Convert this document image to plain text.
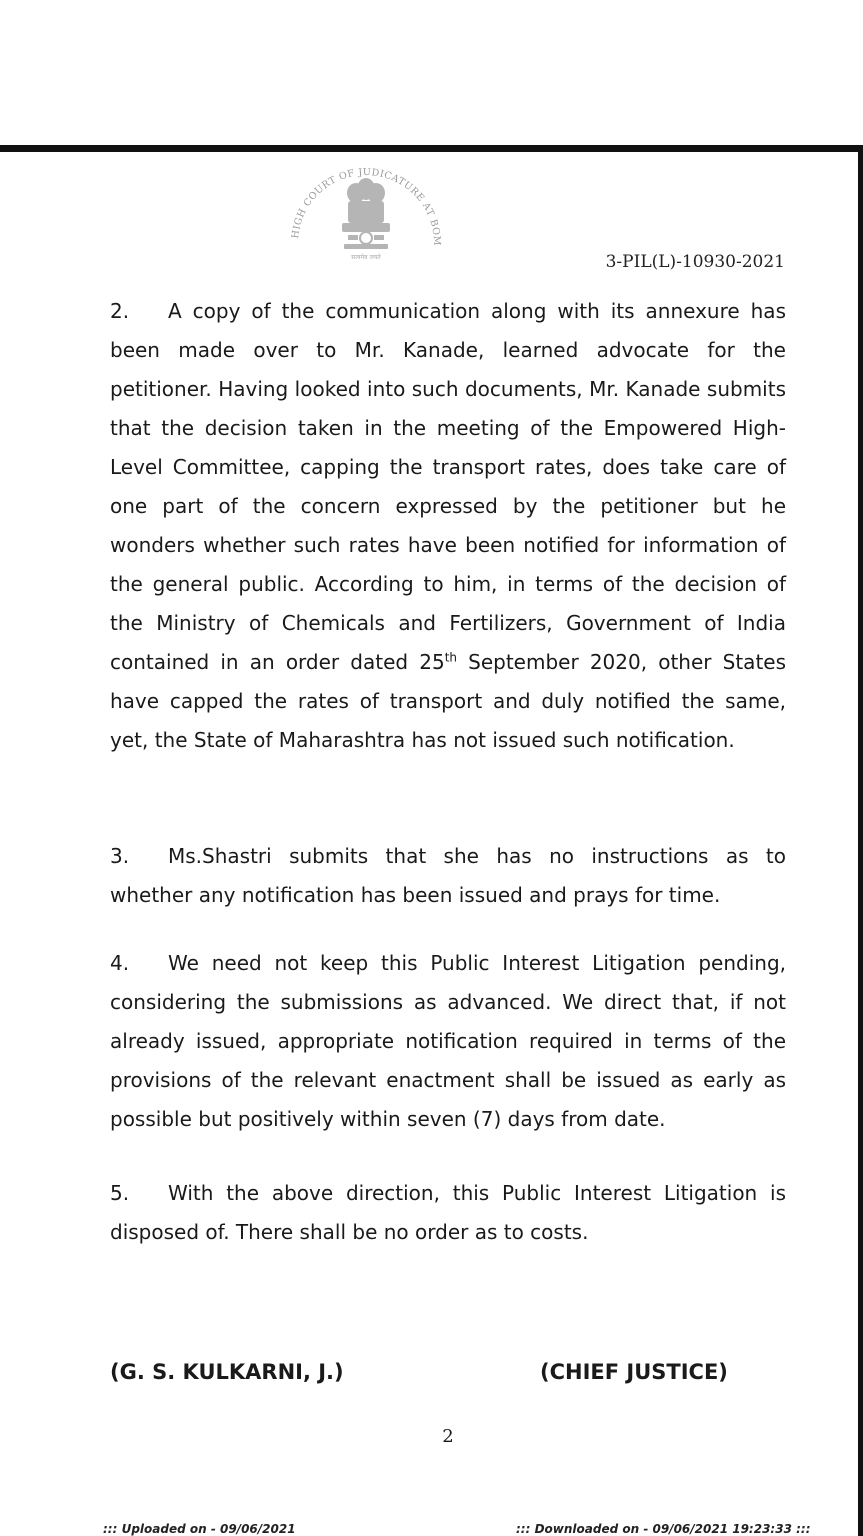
HIGH COURT OF JUDICATURE AT BOM
सत्यमेव जयते	3-PIL(L)-10930-2021

2. A copy of the communication along with its annexure has been made over to Mr. Kanade, learned advocate for the petitioner. Having looked into such documents, Mr. Kanade submits that the decision taken in the meeting of the Empowered High-Level Committee, capping the transport rates, does take care of one part of the concern expressed by the petitioner but he wonders whether such rates have been notified for information of the general public. According to him, in terms of the decision of the Ministry of Chemicals and Fertilizers, Government of India contained in an order dated 25th September 2020, other States have capped the rates of transport and duly notified the same, yet, the State of Maharashtra has not issued such notification.

3. Ms.Shastri submits that she has no instructions as to whether any notification has been issued and prays for time.

4. We need not keep this Public Interest Litigation pending, considering the submissions as advanced. We direct that, if not already issued, appropriate notification required in terms of the provisions of the relevant enactment shall be issued as early as possible but positively within seven (7) days from date.

5. With the above direction, this Public Interest Litigation is disposed of. There shall be no order as to costs.

(G. S. KULKARNI, J.)	(CHIEF JUSTICE)
2
::: Uploaded on - 09/06/2021	::: Downloaded on - 09/06/2021 19:23:33 :::
